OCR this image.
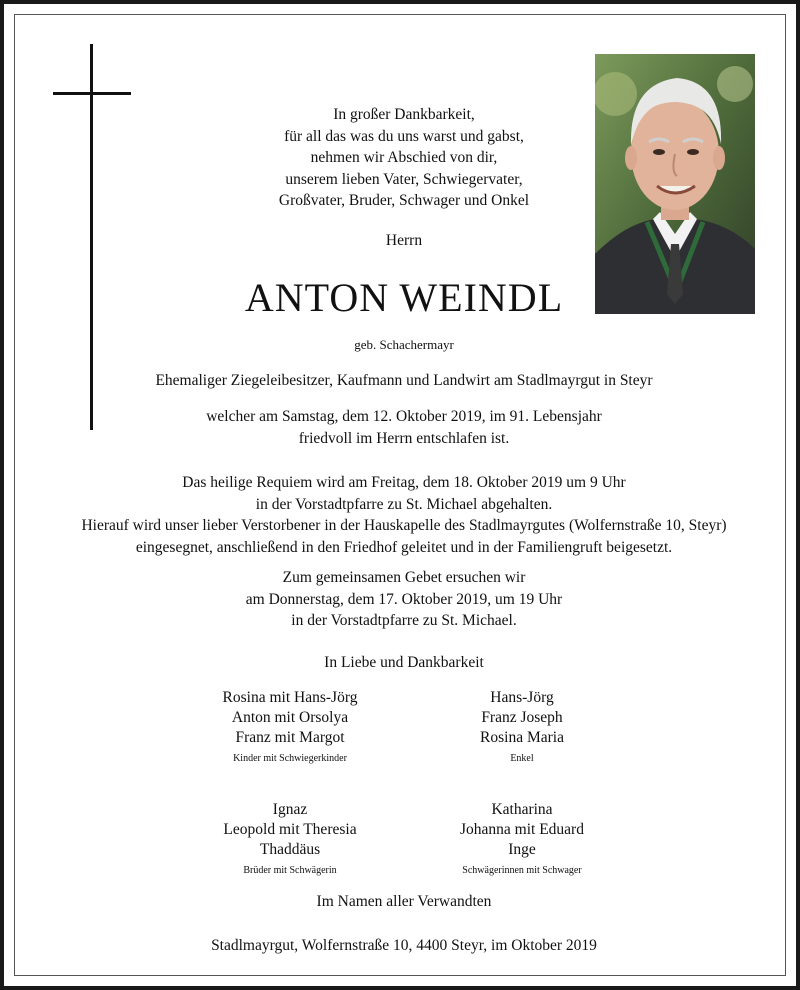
In großer Dankbarkeit,
für all das was du uns warst und gabst,
nehmen wir Abschied von dir,
unserem lieben Vater, Schwiegervater,
Großvater, Bruder, Schwager und Onkel
Herrn
ANTON WEINDL
geb. Schachermayr
Ehemaliger Ziegeleibesitzer, Kaufmann und Landwirt am Stadlmayrgut in Steyr
welcher am Samstag, dem 12. Oktober 2019, im 91. Lebensjahr
friedvoll im Herrn entschlafen ist.
Das heilige Requiem wird am Freitag, dem 18. Oktober 2019 um 9 Uhr
in der Vorstadtpfarre zu St. Michael abgehalten.
Hierauf wird unser lieber Verstorbener in der Hauskapelle des Stadlmayrgutes (Wolfernstraße 10, Steyr)
eingesegnet, anschließend in den Friedhof geleitet und in der Familiengruft beigesetzt.
Zum gemeinsamen Gebet ersuchen wir
am Donnerstag, dem 17. Oktober 2019, um 19 Uhr
in der Vorstadtpfarre zu St. Michael.
In Liebe und Dankbarkeit
Rosina mit Hans-Jörg
Anton mit Orsolya
Franz mit Margot
Kinder mit Schwiegerkinder
Hans-Jörg
Franz Joseph
Rosina Maria
Enkel
Ignaz
Leopold mit Theresia
Thaddäus
Brüder mit Schwägerin
Katharina
Johanna mit Eduard
Inge
Schwägerinnen mit Schwager
Im Namen aller Verwandten
Stadlmayrgut, Wolfernstraße 10, 4400 Steyr, im Oktober 2019
